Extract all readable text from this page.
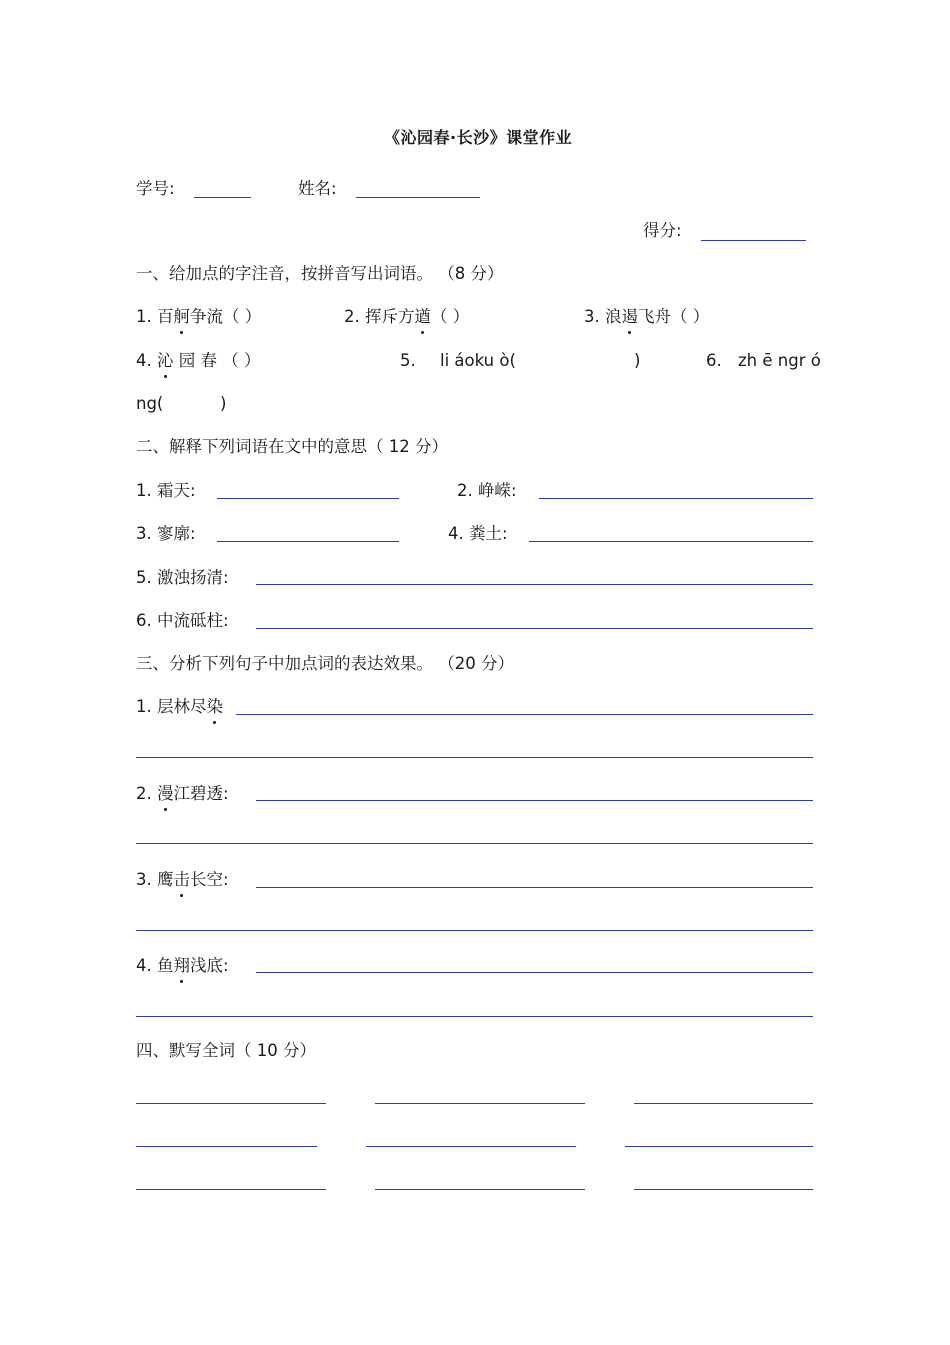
《沁园春·长沙》课堂作业
学号:	姓名:
得分:
一、给加点的字注音，按拼音写出词语。 （8 分）
1. 百舸争流（ ）	2. 挥斥方遒（ ）	3. 浪遏飞舟（ ）
4. 沁 园 春 （ ）	5. li áoku ò(	)	6. zh ē ngr ó
ng(	)
二、解释下列词语在文中的意思（ 12 分）
1. 霜天:	2. 峥嵘:
3. 寥廓:	4. 粪土:
5. 激浊扬清:
6. 中流砥柱:
三、分析下列句子中加点词的表达效果。 （20 分）
1. 层林尽染
2. 漫江碧透:
3. 鹰击长空:
4. 鱼翔浅底:
四、默写全词（ 10 分）
